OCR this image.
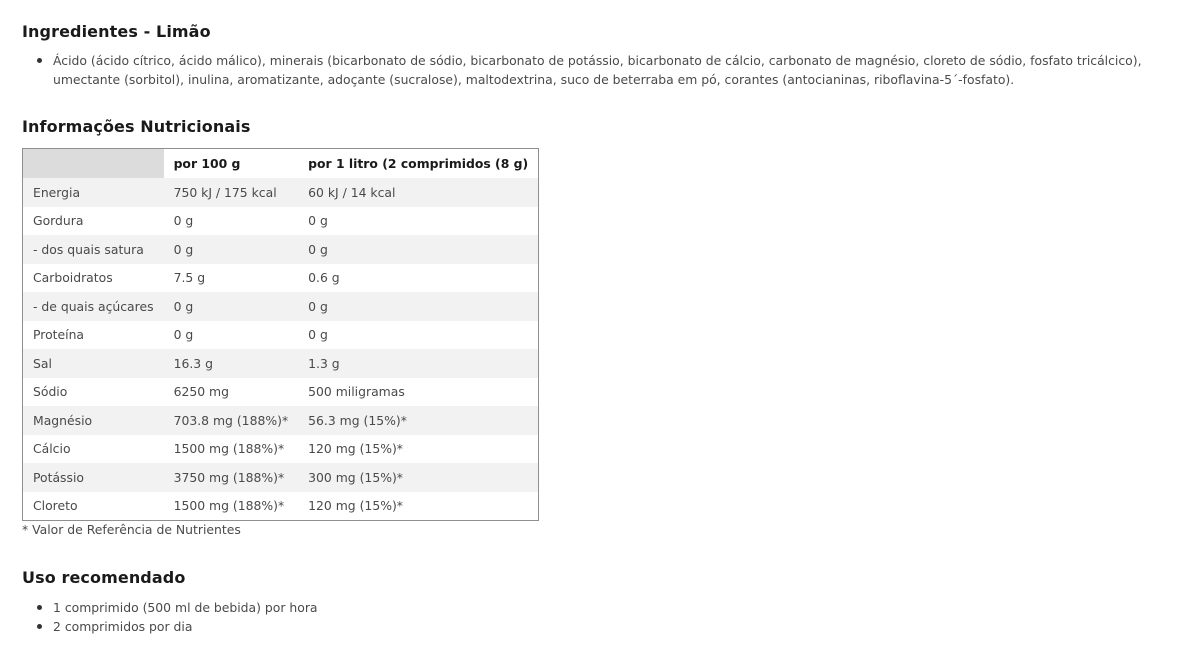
Ingredientes - Limão
Ácido (ácido cítrico, ácido málico), minerais (bicarbonato de sódio, bicarbonato de potássio, bicarbonato de cálcio, carbonato de magnésio, cloreto de sódio, fosfato tricálcico), umectante (sorbitol), inulina, aromatizante, adoçante (sucralose), maltodextrina, suco de beterraba em pó, corantes (antocianinas, riboflavina-5´-fosfato).
Informações Nutricionais
	por 100 g	por 1 litro (2 comprimidos (8 g)
Energia	750 kJ / 175 kcal	60 kJ / 14 kcal
Gordura	0 g	0 g
- dos quais satura	0 g	0 g
Carboidratos	7.5 g	0.6 g
- de quais açúcares	0 g	0 g
Proteína	0 g	0 g
Sal	16.3 g	1.3 g
Sódio	6250 mg	500 miligramas
Magnésio	703.8 mg (188%)*	56.3 mg (15%)*
Cálcio	1500 mg (188%)*	120 mg (15%)*
Potássio	3750 mg (188%)*	300 mg (15%)*
Cloreto	1500 mg (188%)*	120 mg (15%)*
* Valor de Referência de Nutrientes
Uso recomendado
1 comprimido (500 ml de bebida) por hora
2 comprimidos por dia
